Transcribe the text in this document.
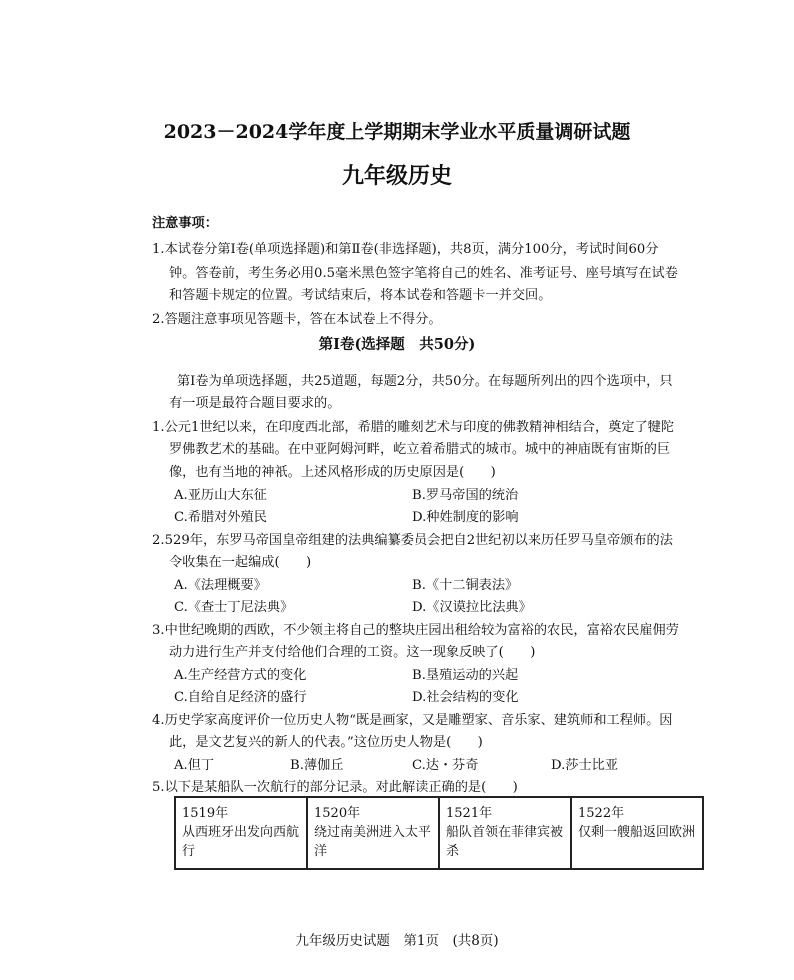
2023－2024学年度上学期期末学业水平质量调研试题
九年级历史
注意事项：
1.本试卷分第Ⅰ卷(单项选择题)和第Ⅱ卷(非选择题)，共8页，满分100分，考试时间60分
钟。答卷前，考生务必用0.5毫米黑色签字笔将自己的姓名、准考证号、座号填写在试卷
和答题卡规定的位置。考试结束后，将本试卷和答题卡一并交回。
2.答题注意事项见答题卡，答在本试卷上不得分。
第Ⅰ卷(选择题　共50分)
第Ⅰ卷为单项选择题，共25道题，每题2分，共50分。在每题所列出的四个选项中，只
有一项是最符合题目要求的。
1.公元1世纪以来，在印度西北部，希腊的雕刻艺术与印度的佛教精神相结合，奠定了犍陀
罗佛教艺术的基础。在中亚阿姆河畔，屹立着希腊式的城市。城中的神庙既有宙斯的巨
像，也有当地的神祇。上述风格形成的历史原因是(　　)
A.亚历山大东征	B.罗马帝国的统治
C.希腊对外殖民	D.种姓制度的影响
2.529年，东罗马帝国皇帝组建的法典编纂委员会把自2世纪初以来历任罗马皇帝颁布的法
令收集在一起编成(　　)
A.《法理概要》	B.《十二铜表法》
C.《查士丁尼法典》	D.《汉谟拉比法典》
3.中世纪晚期的西欧，不少领主将自己的整块庄园出租给较为富裕的农民，富裕农民雇佣劳
动力进行生产并支付给他们合理的工资。这一现象反映了(　　)
A.生产经营方式的变化	B.垦殖运动的兴起
C.自给自足经济的盛行	D.社会结构的变化
4.历史学家高度评价一位历史人物“既是画家，又是雕塑家、音乐家、建筑师和工程师。因
此，是文艺复兴的新人的代表。”这位历史人物是(　　)
A.但丁	B.薄伽丘	C.达・芬奇	D.莎士比亚
5.以下是某船队一次航行的部分记录。对此解读正确的是(　　)
1519年
从西班牙出发向西航行

1520年
绕过南美洲进入太平洋

1521年
船队首领在菲律宾被杀

1522年
仅剩一艘船返回欧洲
九年级历史试题　第1页　(共8页)
